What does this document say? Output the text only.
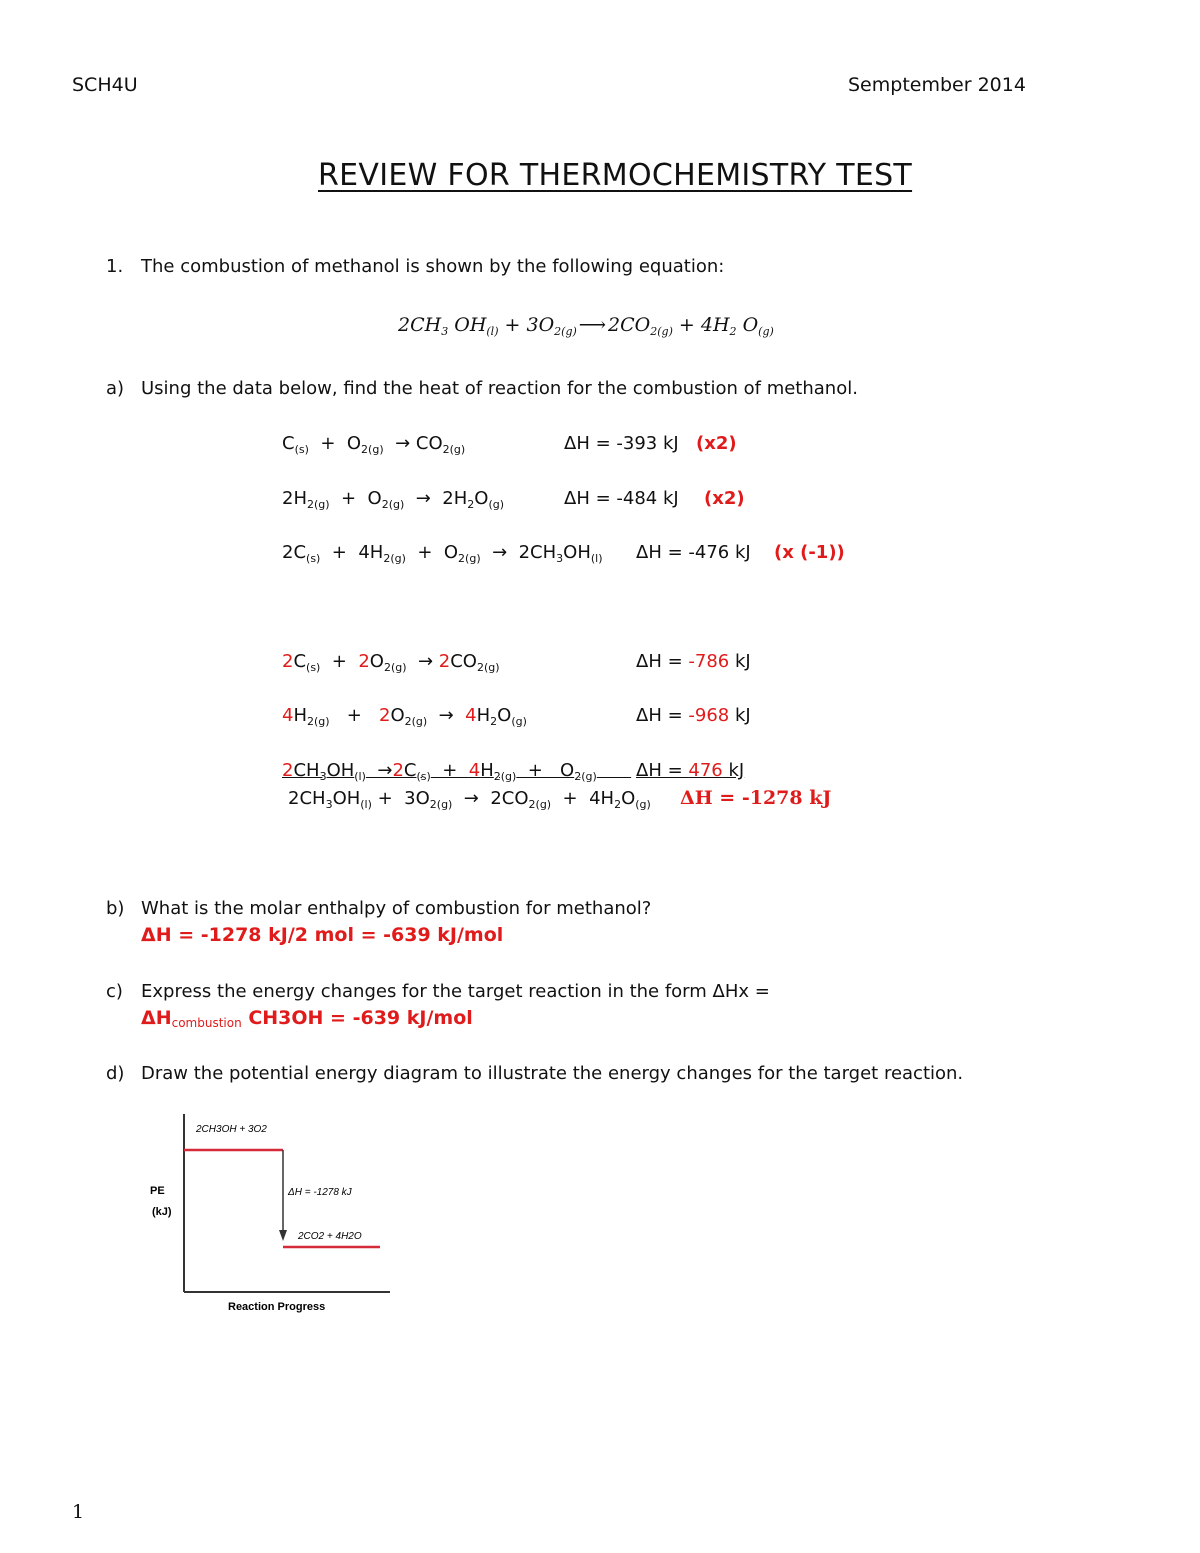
SCH4U	Semptember 2014
REVIEW FOR THERMOCHEMISTRY TEST
1. The combustion of methanol is shown by the following equation:
$2CH_3$ $OH_{(l)} + 3O_{2(g)}$ ⟶ $2CO_{2(g)} + 4H_2$ $O_{(g)}$
a) Using the data below, find the heat of reaction for the combustion of methanol.
$C_{(s)} + O_{2(g)} \to CO_{2(g)}$	ΔH = -393 kJ (x2)
$2H_{2(g)} + O_{2(g)} \to 2H_2O_{(g)}$	ΔH = -484 kJ (x2)
$2C_{(s)} + 4H_{2(g)} + O_{2(g)} \to 2CH_3OH_{(l)}$ ΔH = -476 kJ (x (-1))
$2C_{(s)} + 2O_{2(g)} \to 2CO_{2(g)}$	ΔH = -786 kJ
$4H_{2(g)} + 2O_{2(g)} \to 4H_2O_{(g)}$	ΔH = -968 kJ
$2CH_3OH_{(l)} \to 2C_{(s)} + 4H_{2(g)} + O_{2(g)}$	ΔH = 476 kJ
$2CH_3OH_{(l)} + 3O_{2(g)} \to 2CO_{2(g)} + 4H_2O_{(g)}$ ΔH = -1278 kJ
b) What is the molar enthalpy of combustion for methanol?
ΔH = -1278 kJ/2 mol = -639 kJ/mol
c) Express the energy changes for the target reaction in the form ΔHx =
$\Delta H_{combustion}$ CH3OH = -639 kJ/mol
d) Draw the potential energy diagram to illustrate the energy changes for the target reaction.
2CH3OH + 3O2
ΔH = -1278 kJ
2CO2 + 4H2O
PE
(kJ)
Reaction Progress
1
